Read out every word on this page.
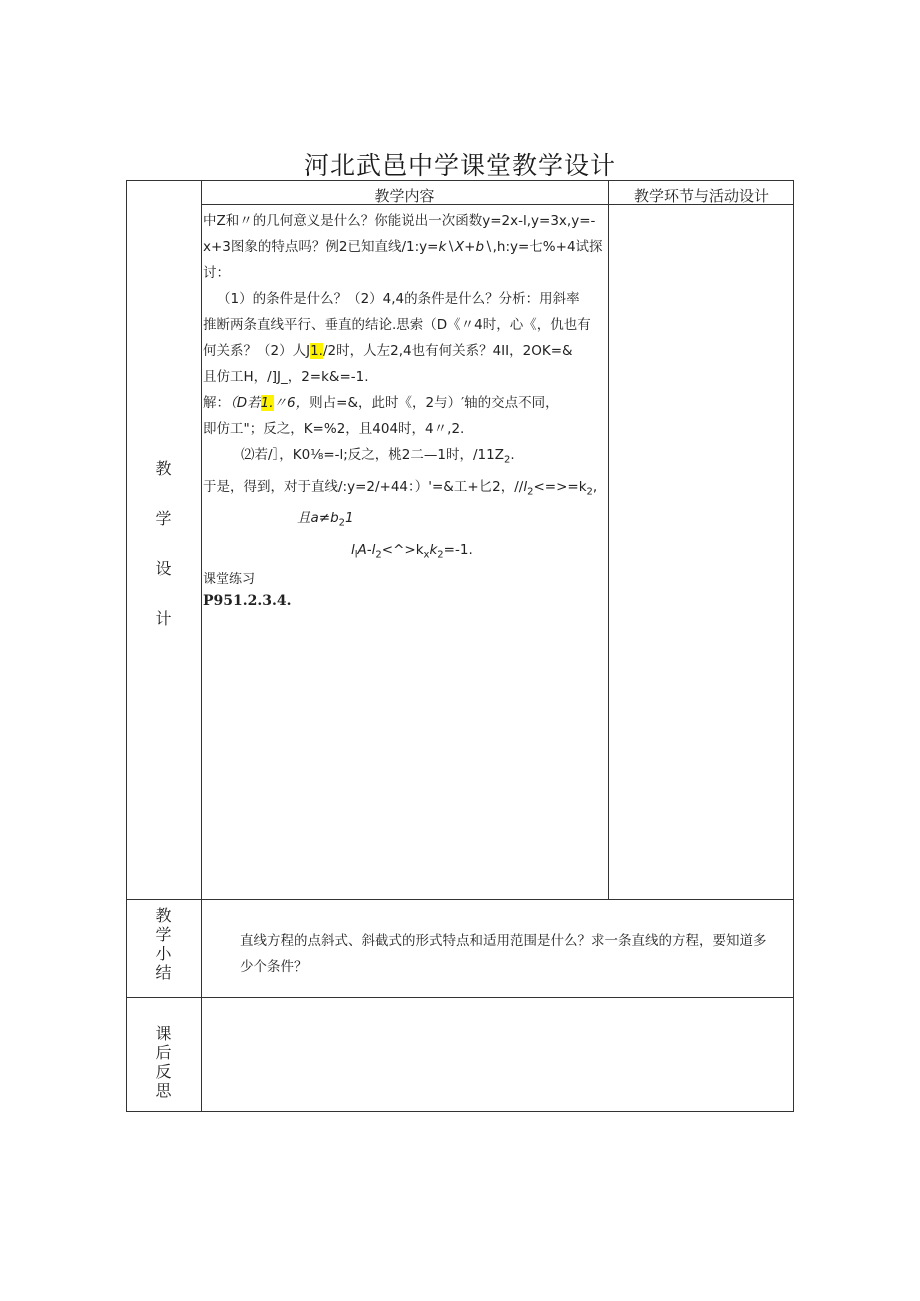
河北武邑中学课堂教学设计
教学内容	教学环节与活动设计
教
学
设
计
教
学
小
结
课
后
反
思

中Z和〃的几何意义是什么？你能说出一次函数y=2x-l,y=3x,y=-

x+3图象的特点吗？例2已知直线/1:y=k∖X+b∖,h:y=七%+4试探

讨：

（1）的条件是什么？（2）4,4的条件是什么？分析：用斜率

推断两条直线平行、垂直的结论.思索（D《〃4时，心《，仇也有

何关系？（2）人J1./2时，人左2,4也有何关系？4II，2OK=&

且仿工H，/]J_，2=k&=-1.

解：（D若1.〃6，则占=&，此时《，2与）′轴的交点不同，

即仿工"；反之，K=%2，且404时，4〃,2.

⑵若/］，K0⅛=-l;反之，桃2二—1时，$/11Z_2$.

于是，得到，对于直线/:y=2/+44：）'=&工+匕2，$/∕l_2<=>=k_2$,

且$a\ne b_21$

$l_lA-l_2<\^{}>k_xk_2=-1$.

课堂练习

P951.2.3.4.

直线方程的点斜式、斜截式的形式特点和适用范围是什么？求一条直线的方程，要知道多
少个条件？
